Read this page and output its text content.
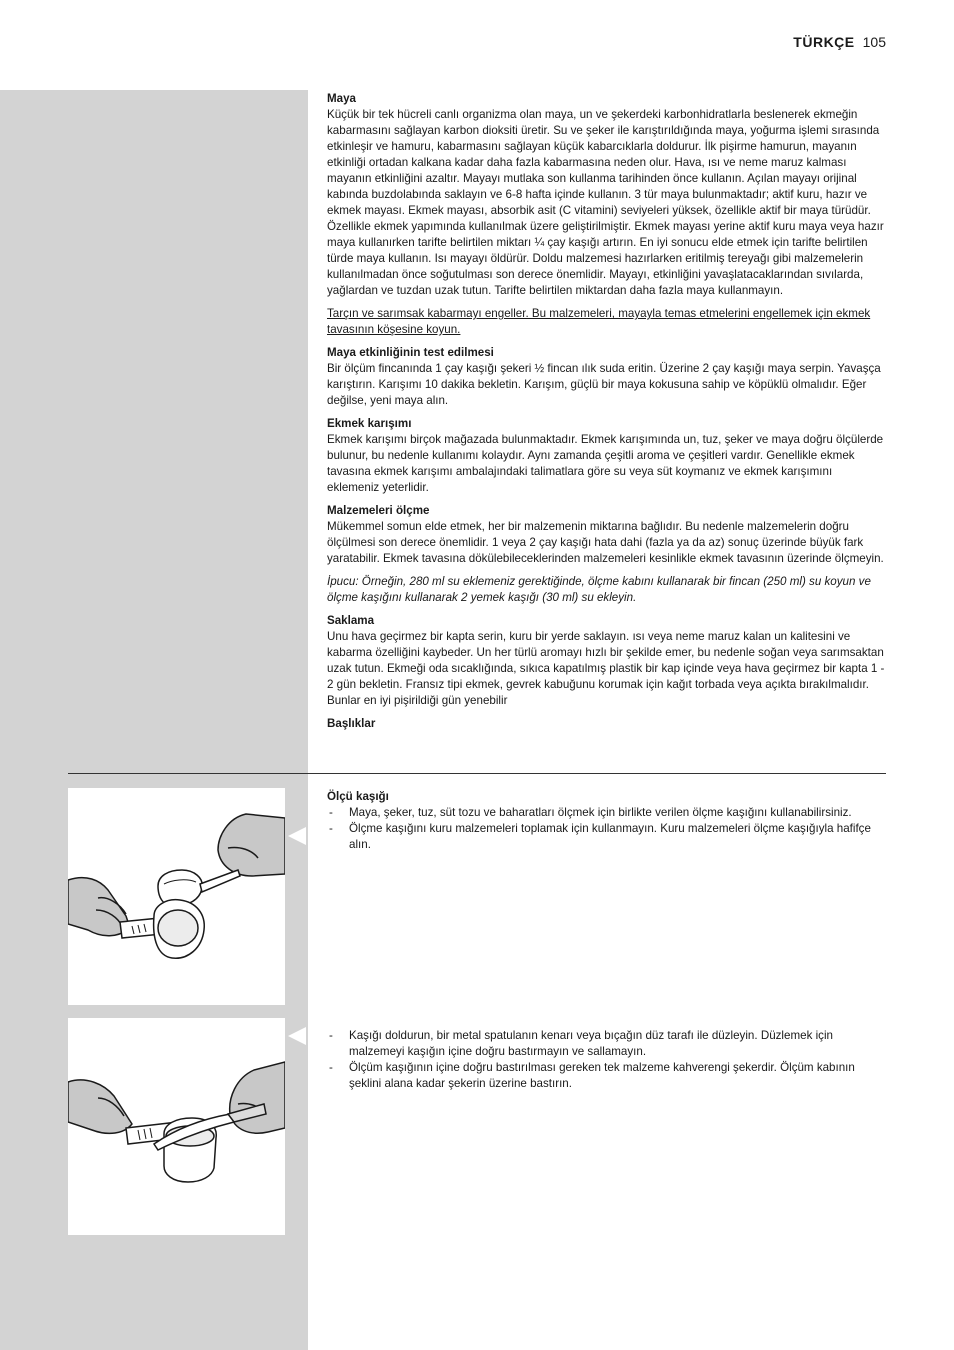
TÜRKÇE 105
Maya

Küçük bir tek hücreli canlı organizma olan maya, un ve şekerdeki karbonhidratlarla beslenerek ekmeğin kabarmasını sağlayan karbon dioksiti üretir. Su ve şeker ile karıştırıldığında maya, yoğurma işlemi sırasında etkinleşir ve hamuru, kabarmasını sağlayan küçük kabarcıklarla doldurur. İlk pişirme hamurun, mayanın etkinliği ortadan kalkana kadar daha fazla kabarmasına neden olur. Hava, ısı ve neme maruz kalması mayanın etkinliğini azaltır. Mayayı mutlaka son kullanma tarihinden önce kullanın. Açılan mayayı orijinal kabında buzdolabında saklayın ve 6-8 hafta içinde kullanın. 3 tür maya bulunmaktadır; aktif kuru, hazır ve ekmek mayası. Ekmek mayası, absorbik asit (C vitamini) seviyeleri yüksek, özellikle aktif bir maya türüdür. Özellikle ekmek yapımında kullanılmak üzere geliştirilmiştir. Ekmek mayası yerine aktif kuru maya veya hazır maya kullanırken tarifte belirtilen miktarı ¼ çay kaşığı artırın. En iyi sonucu elde etmek için tarifte belirtilen türde maya kullanın. Isı mayayı öldürür. Doldu malzemesi hazırlarken eritilmiş tereyağı gibi malzemelerin kullanılmadan önce soğutulması son derece önemlidir. Mayayı, etkinliğini yavaşlatacaklarından sıvılarda, yağlardan ve tuzdan uzak tutun. Tarifte belirtilen miktardan daha fazla maya kullanmayın.

Tarçın ve sarımsak kabarmayı engeller. Bu malzemeleri, mayayla temas etmelerini engellemek için ekmek tavasının köşesine koyun.

Maya etkinliğinin test edilmesi

Bir ölçüm fincanında 1 çay kaşığı şekeri ½ fincan ılık suda eritin. Üzerine 2 çay kaşığı maya serpin. Yavaşça karıştırın. Karışımı 10 dakika bekletin. Karışım, güçlü bir maya kokusuna sahip ve köpüklü olmalıdır. Eğer değilse, yeni maya alın.

Ekmek karışımı

Ekmek karışımı birçok mağazada bulunmaktadır. Ekmek karışımında un, tuz, şeker ve maya doğru ölçülerde bulunur, bu nedenle kullanımı kolaydır. Aynı zamanda çeşitli aroma ve çeşitleri vardır. Genellikle ekmek tavasına ekmek karışımı ambalajındaki talimatlara göre su veya süt koymanız ve ekmek karışımını eklemeniz yeterlidir.

Malzemeleri ölçme

Mükemmel somun elde etmek, her bir malzemenin miktarına bağlıdır. Bu nedenle malzemelerin doğru ölçülmesi son derece önemlidir. 1 veya 2 çay kaşığı hata dahi (fazla ya da az) sonuç üzerinde büyük fark yaratabilir. Ekmek tavasına dökülebileceklerinden malzemeleri kesinlikle ekmek tavasının üzerinde ölçmeyin.

İpucu: Örneğin, 280 ml su eklemeniz gerektiğinde, ölçme kabını kullanarak bir fincan (250 ml) su koyun ve ölçme kaşığını kullanarak 2 yemek kaşığı (30 ml) su ekleyin.

Saklama

Unu hava geçirmez bir kapta serin, kuru bir yerde saklayın. ısı veya neme maruz kalan un kalitesini ve kabarma özelliğini kaybeder. Un her türlü aromayı hızlı bir şekilde emer, bu nedenle soğan veya sarımsaktan uzak tutun. Ekmeği oda sıcaklığında, sıkıca kapatılmış plastik bir kap içinde veya hava geçirmez bir kapta 1 - 2 gün bekletin. Fransız tipi ekmek, gevrek kabuğunu korumak için kağıt torbada veya açıkta bırakılmalıdır. Bunlar en iyi pişirildiği gün yenebilir

Başlıklar
Ölçü kaşığı
- Maya, şeker, tuz, süt tozu ve baharatları ölçmek için birlikte verilen ölçme kaşığını kullanabilirsiniz.
- Ölçme kaşığını kuru malzemeleri toplamak için kullanmayın. Kuru malzemeleri ölçme kaşığıyla hafifçe alın.
- Kaşığı doldurun, bir metal spatulanın kenarı veya bıçağın düz tarafı ile düzleyin. Düzlemek için malzemeyi kaşığın içine doğru bastırmayın ve sallamayın.
- Ölçüm kaşığının içine doğru bastırılması gereken tek malzeme kahverengi şekerdir. Ölçüm kabının şeklini alana kadar şekerin üzerine bastırın.
